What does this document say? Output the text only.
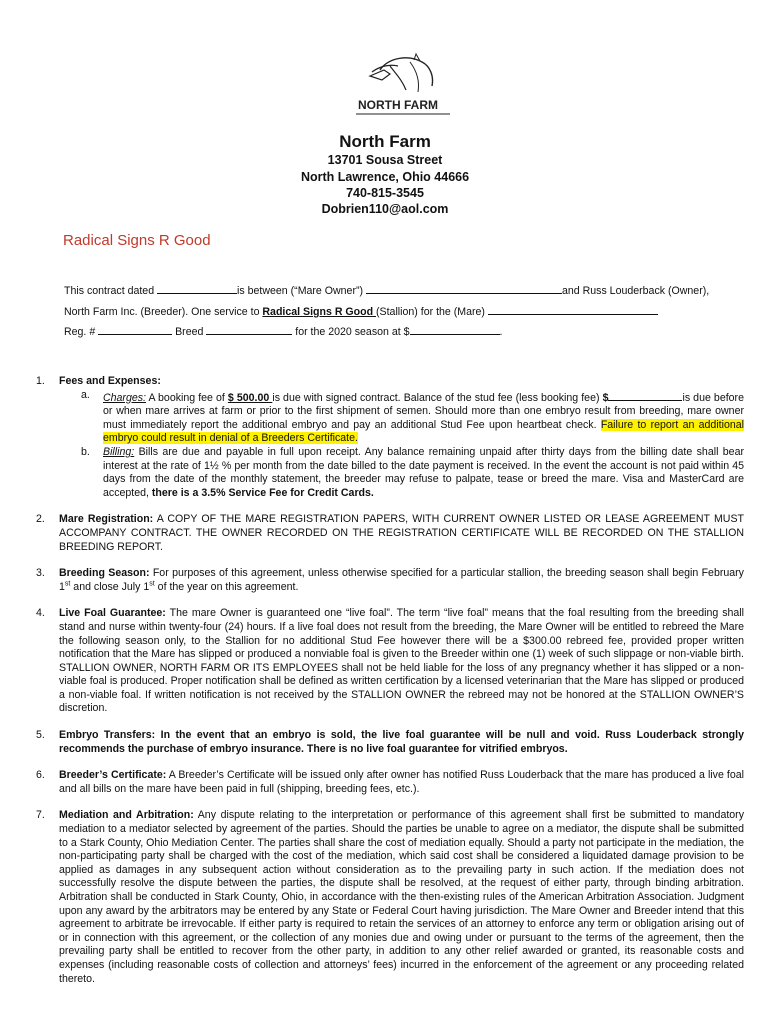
NORTH FARM
North Farm
13701 Sousa Street
North Lawrence, Ohio 44666
740-815-3545
Dobrien110@aol.com
Radical Signs R Good
This contract dated	is between (“Mare Owner”)	and Russ Louderback (Owner),
North Farm Inc. (Breeder). One service to Radical Signs R Good (Stallion) for the (Mare)
Reg. #	Breed	for the 2020 season at $	.
1.	Fees and Expenses:
a.	Charges: A booking fee of $ 500.00 is due with signed contract. Balance of the stud fee (less booking fee) $	is due before or when mare arrives at farm or prior to the first shipment of semen. Should more than one embryo result from breeding, mare owner must immediately report the additional embryo and pay an additional Stud Fee upon heartbeat check. Failure to report an additional embryo could result in denial of a Breeders Certificate.
b.	Billing: Bills are due and payable in full upon receipt. Any balance remaining unpaid after thirty days from the billing date shall bear interest at the rate of 1½ % per month from the date billed to the date payment is received. In the event the account is not paid within 45 days from the date of the monthly statement, the breeder may refuse to palpate, tease or breed the mare. Visa and MasterCard are accepted, there is a 3.5% Service Fee for Credit Cards.
2.	Mare Registration: A COPY OF THE MARE REGISTRATION PAPERS, WITH CURRENT OWNER LISTED OR LEASE AGREEMENT MUST ACCOMPANY CONTRACT. THE OWNER RECORDED ON THE REGISTRATION CERTIFICATE WILL BE RECORDED ON THE STALLION BREEDING REPORT.
3.	Breeding Season: For purposes of this agreement, unless otherwise specified for a particular stallion, the breeding season shall begin February 1st and close July 1st of the year on this agreement.
4.	Live Foal Guarantee: The mare Owner is guaranteed one “live foal”. The term “live foal” means that the foal resulting from the breeding shall stand and nurse within twenty-four (24) hours. If a live foal does not result from the breeding, the Mare Owner will be entitled to rebreed the Mare the following season only, to the Stallion for no additional Stud Fee however there will be a $300.00 rebreed fee, provided proper written notification that the Mare has slipped or produced a nonviable foal is given to the Breeder within one (1) week of such slippage or non-viable birth. STALLION OWNER, NORTH FARM OR ITS EMPLOYEES shall not be held liable for the loss of any pregnancy whether it has slipped or a non-viable foal is produced. Proper notification shall be defined as written certification by a licensed veterinarian that the Mare has slipped or produced a non-viable foal. If written notification is not received by the STALLION OWNER the rebreed may not be honored at the STALLION OWNER’S discretion.
5.	Embryo Transfers: In the event that an embryo is sold, the live foal guarantee will be null and void. Russ Louderback strongly recommends the purchase of embryo insurance. There is no live foal guarantee for vitrified embryos.
6.	Breeder’s Certificate: A Breeder’s Certificate will be issued only after owner has notified Russ Louderback that the mare has produced a live foal and all bills on the mare have been paid in full (shipping, breeding fees, etc.).
7.	Mediation and Arbitration: Any dispute relating to the interpretation or performance of this agreement shall first be submitted to mandatory mediation to a mediator selected by agreement of the parties. Should the parties be unable to agree on a mediator, the dispute shall be submitted to a Stark County, Ohio Mediation Center. The parties shall share the cost of mediation equally. Should a party not participate in the mediation, the non-participating party shall be charged with the cost of the mediation, which said cost shall be considered a liquidated damage provision to be applied as damages in any subsequent action without consideration as to the prevailing party in such action. If the mediation does not successfully resolve the dispute between the parties, the dispute shall be resolved, at the request of either party, through binding arbitration. Arbitration shall be conducted in Stark County, Ohio, in accordance with the then-existing rules of the American Arbitration Association. Judgment upon any award by the arbitrators may be entered by any State or Federal Court having jurisdiction. The Mare Owner and Breeder intend that this agreement to arbitrate be irrevocable. If either party is required to retain the services of an attorney to enforce any term or obligation arising out of or in connection with this agreement, or the collection of any monies due and owing under or pursuant to the terms of the agreement, then the prevailing party shall be entitled to recover from the other party, in addition to any other relief awarded or granted, its reasonable costs and expenses (including reasonable costs of collection and attorneys’ fees) incurred in the enforcement of the agreement or any proceeding related thereto.
